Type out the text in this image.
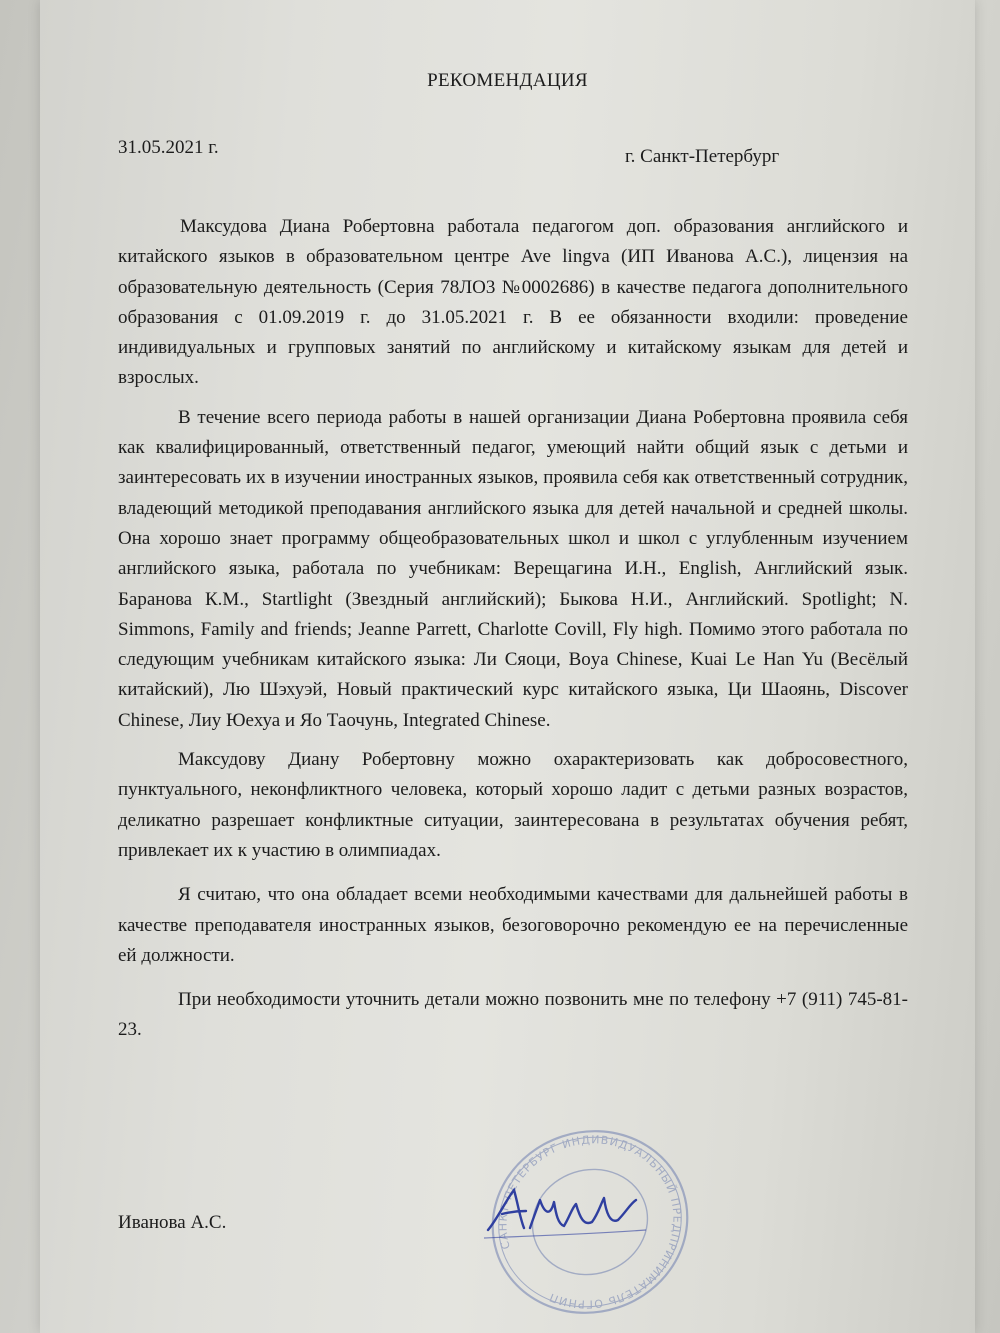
РЕКОМЕНДАЦИЯ
31.05.2021 г.	г. Санкт-Петербург

Максудова Диана Робертовна работала педагогом доп. образования английского и китайского языков в образовательном центре Ave lingva (ИП Иванова А.С.), лицензия на образовательную деятельность (Серия 78ЛО3 №0002686) в качестве педагога дополнительного образования с 01.09.2019 г. до 31.05.2021 г. В ее обязанности входили: проведение индивидуальных и групповых занятий по английскому и китайскому языкам для детей и взрослых.

В течение всего периода работы в нашей организации Диана Робертовна проявила себя как квалифицированный, ответственный педагог, умеющий найти общий язык с детьми и заинтересовать их в изучении иностранных языков, проявила себя как ответственный сотрудник, владеющий методикой преподавания английского языка для детей начальной и средней школы. Она хорошо знает программу общеобразовательных школ и школ с углубленным изучением английского языка, работала по учебникам: Верещагина И.Н., English, Английский язык. Баранова К.М., Startlight (Звездный английский); Быкова Н.И., Английский. Spotlight; N. Simmons, Family and friends; Jeanne Parrett, Charlotte Covill, Fly high. Помимо этого работала по следующим учебникам китайского языка: Ли Сяоци, Boya Chinese, Kuai Le Han Yu (Весёлый китайский), Лю Шэхуэй, Новый практический курс китайского языка, Ци Шаоянь, Discover Chinese, Лиу Юехуа и Яо Таочунь, Integrated Chinese.

Максудову Диану Робертовну можно охарактеризовать как добросовестного, пунктуального, неконфликтного человека, который хорошо ладит с детьми разных возрастов, деликатно разрешает конфликтные ситуации, заинтересована в результатах обучения ребят, привлекает их к участию в олимпиадах.

Я считаю, что она обладает всеми необходимыми качествами для дальнейшей работы в качестве преподавателя иностранных языков, безоговорочно рекомендую ее на перечисленные ей должности.

При необходимости уточнить детали можно позвонить мне по телефону +7 (911) 745-81-23.

Иванова А.С.
САНКТ-ПЕТЕРБУРГ ИНДИВИДУАЛЬНЫЙ ПРЕДПРИНИМАТЕЛЬ ОГРНИП
